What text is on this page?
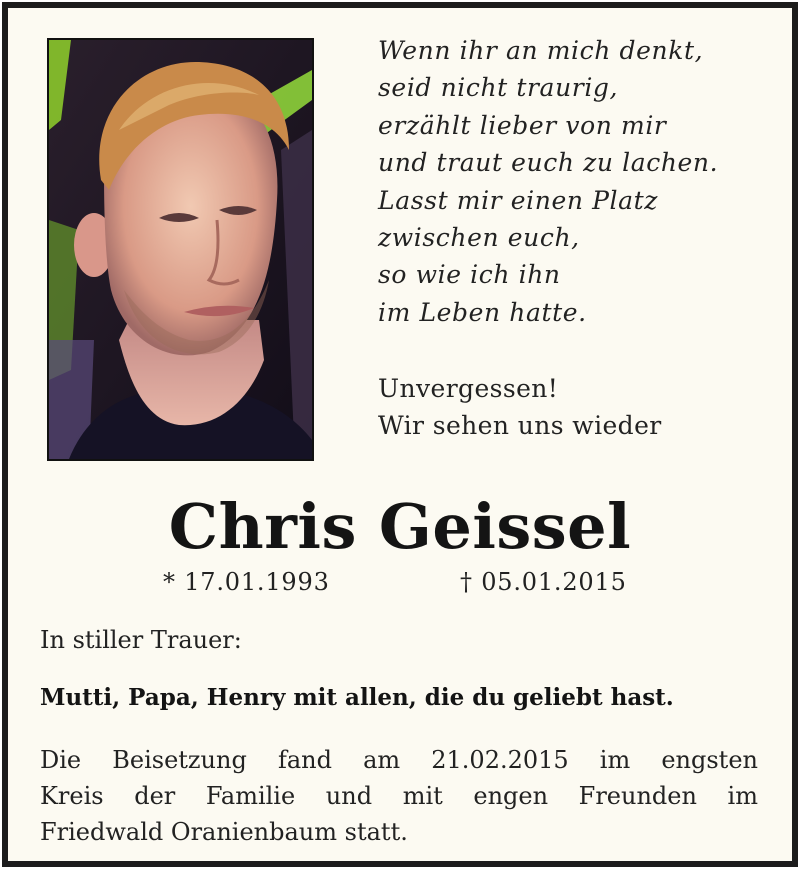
Wenn ihr an mich denkt,
seid nicht traurig,
erzählt lieber von mir
und traut euch zu lachen.
Lasst mir einen Platz
zwischen euch,
so wie ich ihn
im Leben hatte.
Unvergessen!
Wir sehen uns wieder
Chris Geissel
* 17.01.1993	† 05.01.2015
In stiller Trauer:
Mutti, Papa, Henry mit allen, die du geliebt hast.
Die Beisetzung fand am 21.02.2015 im engsten
Kreis der Familie und mit engen Freunden im
Friedwald Oranienbaum statt.
